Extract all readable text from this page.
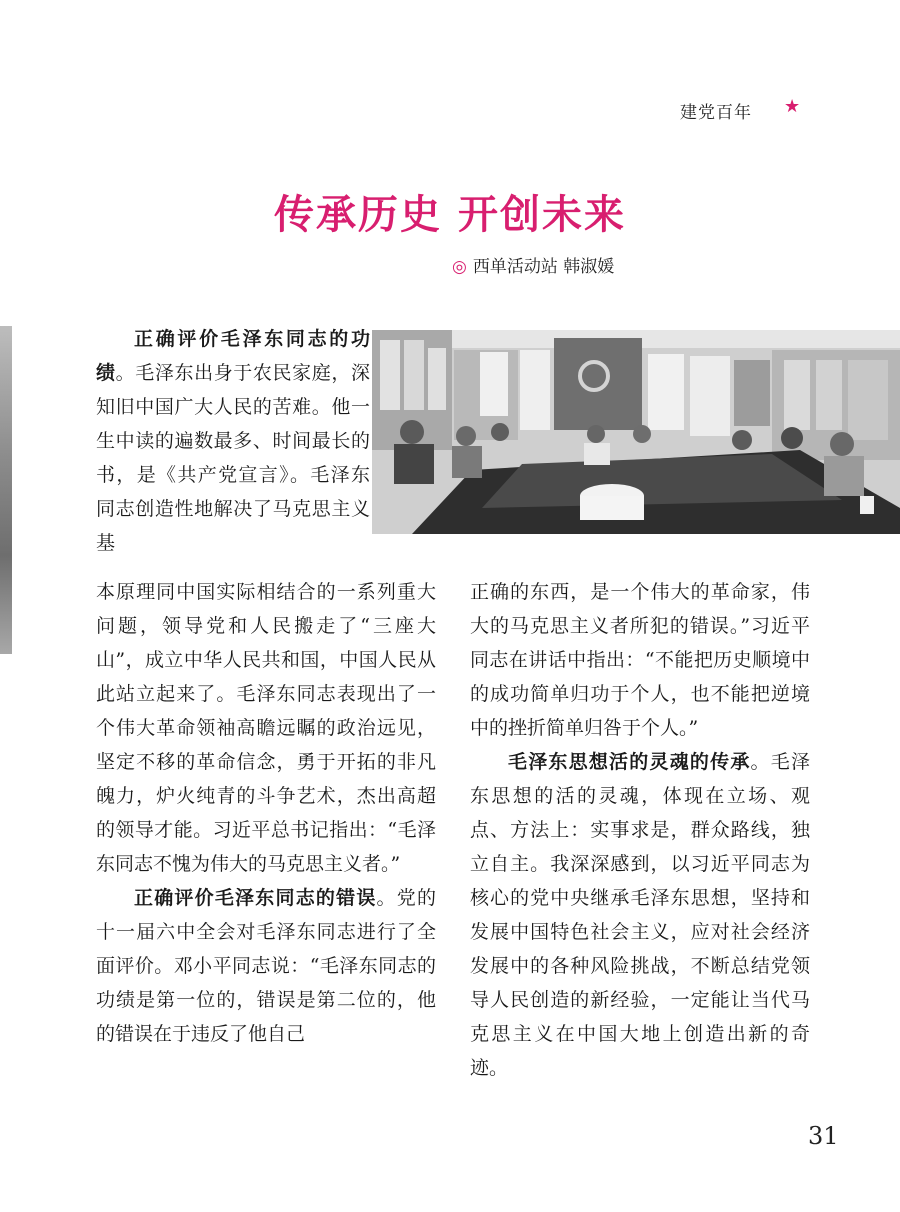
建党百年 ★
传承历史 开创未来
◎ 西单活动站 韩淑媛

正确评价毛泽东同志的功绩。毛泽东出身于农民家庭，深知旧中国广大人民的苦难。他一生中读的遍数最多、时间最长的书，是《共产党宣言》。毛泽东同志创造性地解决了马克思主义基

本原理同中国实际相结合的一系列重大问题，领导党和人民搬走了“三座大山”，成立中华人民共和国，中国人民从此站立起来了。毛泽东同志表现出了一个伟大革命领袖高瞻远瞩的政治远见，坚定不移的革命信念，勇于开拓的非凡魄力，炉火纯青的斗争艺术，杰出高超的领导才能。习近平总书记指出：“毛泽东同志不愧为伟大的马克思主义者。”

正确评价毛泽东同志的错误。党的十一届六中全会对毛泽东同志进行了全面评价。邓小平同志说：“毛泽东同志的功绩是第一位的，错误是第二位的，他的错误在于违反了他自己

正确的东西，是一个伟大的革命家，伟大的马克思主义者所犯的错误。”习近平同志在讲话中指出：“不能把历史顺境中的成功简单归功于个人，也不能把逆境中的挫折简单归咎于个人。”

毛泽东思想活的灵魂的传承。毛泽东思想的活的灵魂，体现在立场、观点、方法上：实事求是，群众路线，独立自主。我深深感到，以习近平同志为核心的党中央继承毛泽东思想，坚持和发展中国特色社会主义，应对社会经济发展中的各种风险挑战，不断总结党领导人民创造的新经验，一定能让当代马克思主义在中国大地上创造出新的奇迹。

31
